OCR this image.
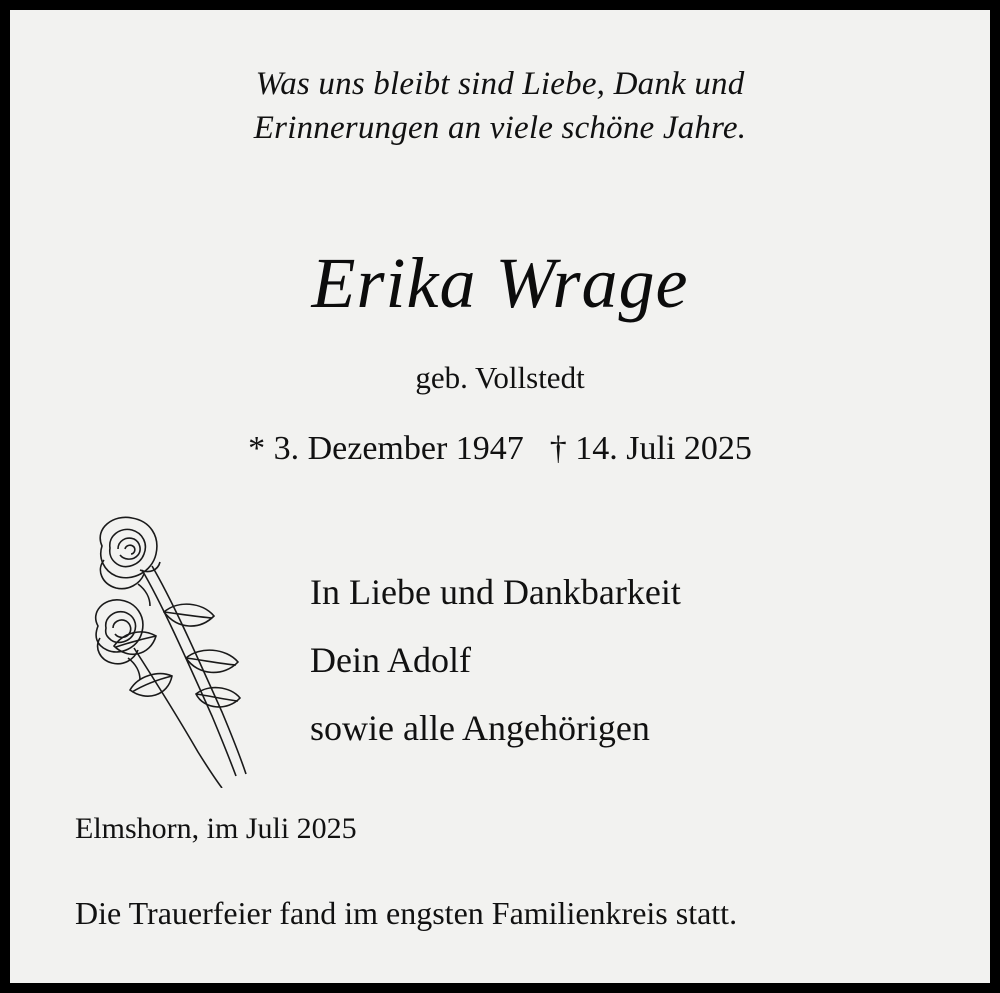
Was uns bleibt sind Liebe, Dank und
Erinnerungen an viele schöne Jahre.
Erika Wrage
geb. Vollstedt
* 3. Dezember 1947 † 14. Juli 2025
In Liebe und Dankbarkeit
Dein Adolf
sowie alle Angehörigen
Elmshorn, im Juli 2025
Die Trauerfeier fand im engsten Familienkreis statt.
